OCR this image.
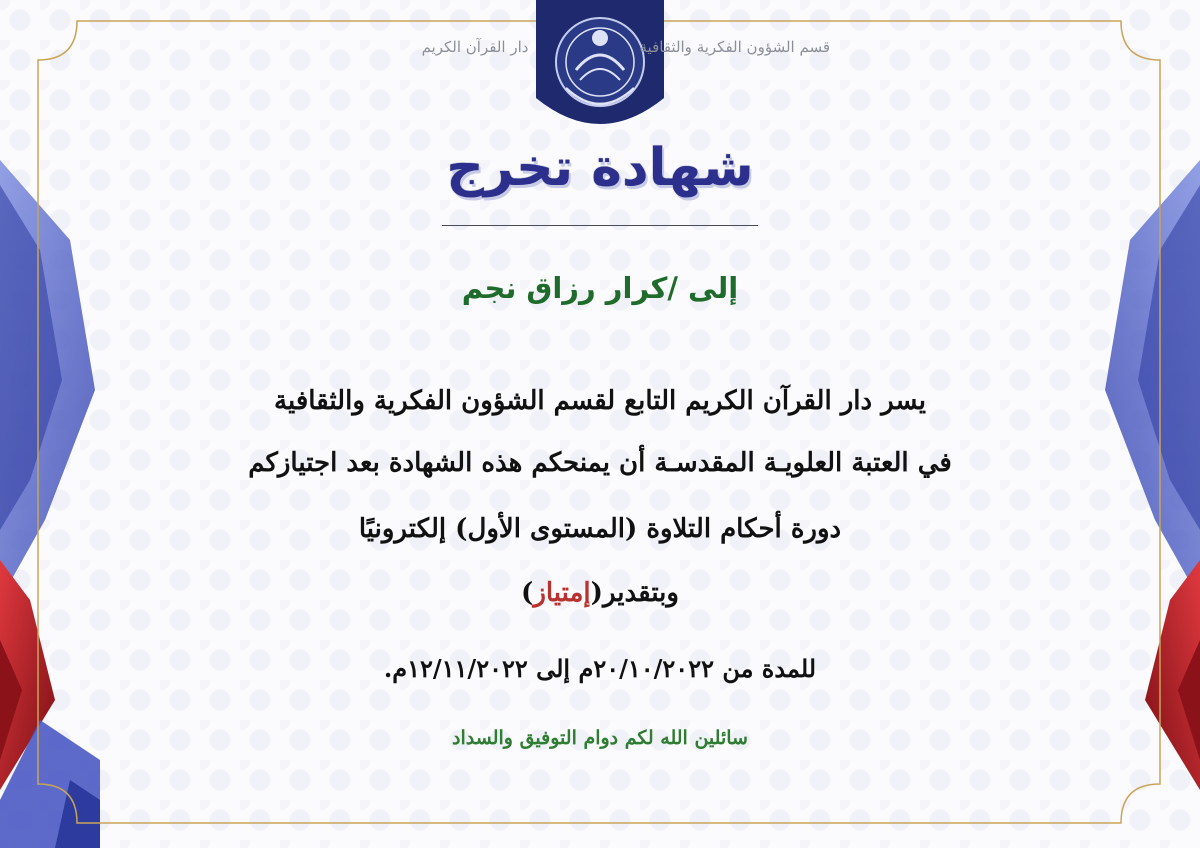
قسم الشؤون الفكرية والثقافية
دار القرآن الكريم
شهادة تخرج
إلى /كرار رزاق نجم
يسر دار القرآن الكريم التابع لقسم الشؤون الفكرية والثقافية
في العتبة العلويـة المقدسـة أن يمنحكم هذه الشهادة بعد اجتيازكم
دورة أحكام التلاوة (المستوى الأول) إلكترونيًا
وبتقدير(إمتياز)
للمدة من ٢٠/١٠/٢٠٢٢م إلى ١٢/١١/٢٠٢٢م.
سائلين الله لكم دوام التوفيق والسداد
